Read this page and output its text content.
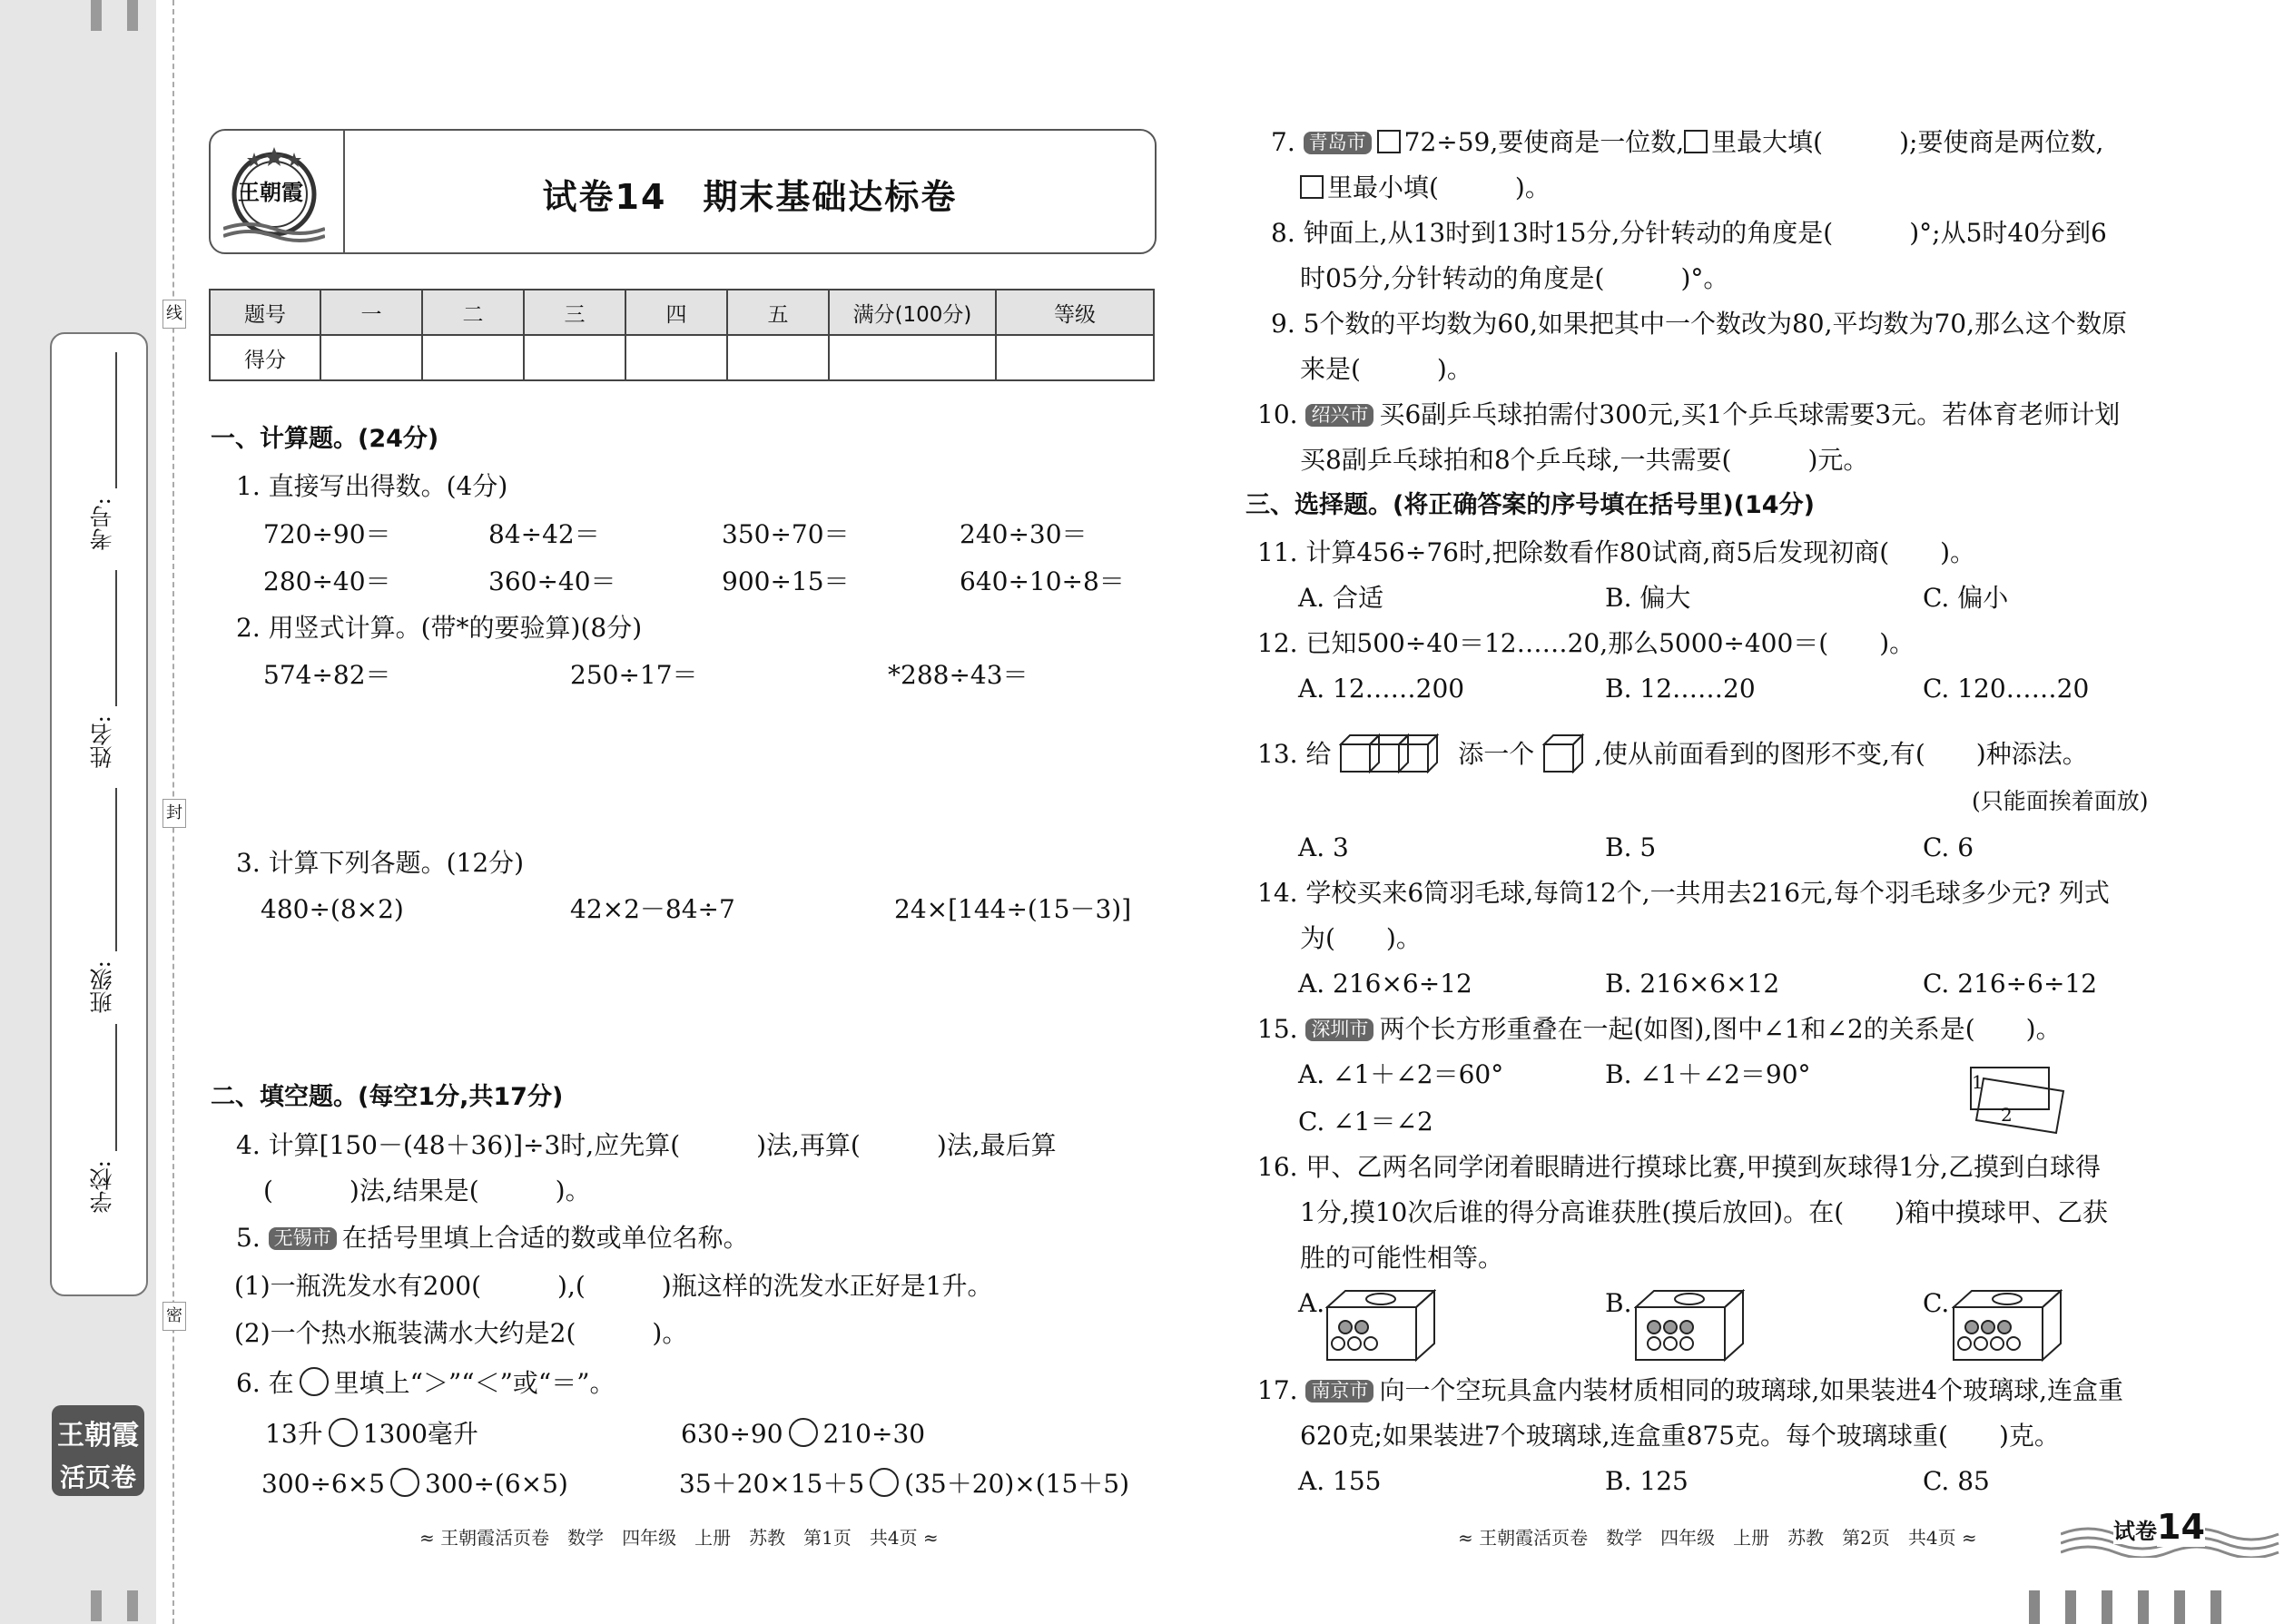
学校:
班级:
姓名:
考号:
王朝霞
活页卷
线
封
密
王朝霞	试卷14　期末基础达标卷
题号	一	二	三	四	五	满分(100分)	等级
得分							
一、计算题。(24分)
1. 直接写出得数。(4分)
720÷90＝	84÷42＝	350÷70＝	240÷30＝
280÷40＝	360÷40＝	900÷15＝	640÷10÷8＝
2. 用竖式计算。(带*的要验算)(8分)
574÷82＝	250÷17＝	*288÷43＝
3. 计算下列各题。(12分)
480÷(8×2)	42×2－84÷7	24×[144÷(15－3)]
二、填空题。(每空1分,共17分)
4. 计算[150－(48＋36)]÷3时,应先算(　　　)法,再算(　　　)法,最后算
(　　　)法,结果是(　　　)。
5. 无锡市 在括号里填上合适的数或单位名称。
(1)一瓶洗发水有200(　　　),(　　　)瓶这样的洗发水正好是1升。
(2)一个热水瓶装满水大约是2(　　　)。
6. 在 里填上“＞”“＜”或“＝”。
13升 1300毫升	630÷90 210÷30
300÷6×5 300÷(6×5)	35＋20×15＋5 (35＋20)×(15＋5)
≈ 王朝霞活页卷　数学　四年级　上册　苏教　第1页　共4页 ≈
7. 青岛市 72÷59,要使商是一位数, 里最大填(　　　);要使商是两位数,
里最小填(　　　)。
8. 钟面上,从13时到13时15分,分针转动的角度是(　　　)°;从5时40分到6
时05分,分针转动的角度是(　　　)°。
9. 5个数的平均数为60,如果把其中一个数改为80,平均数为70,那么这个数原
来是(　　　)。
10. 绍兴市 买6副乒乓球拍需付300元,买1个乒乓球需要3元。若体育老师计划
买8副乒乓球拍和8个乒乓球,一共需要(　　　)元。
三、选择题。(将正确答案的序号填在括号里)(14分)
11. 计算456÷76时,把除数看作80试商,商5后发现初商(　　)。
A. 合适	B. 偏大	C. 偏小
12. 已知500÷40＝12……20,那么5000÷400＝(　　)。
A. 12……200	B. 12……20	C. 120……20
13. 给	添一个 ,使从前面看到的图形不变,有(　　)种添法。
(只能面挨着面放)
A. 3	B. 5	C. 6
14. 学校买来6筒羽毛球,每筒12个,一共用去216元,每个羽毛球多少元? 列式
为(　　)。
A. 216×6÷12	B. 216×6×12	C. 216÷6÷12
15. 深圳市 两个长方形重叠在一起(如图),图中∠1和∠2的关系是(　　)。
A. ∠1＋∠2＝60°	B. ∠1＋∠2＝90°
C. ∠1＝∠2
1
2
16. 甲、乙两名同学闭着眼睛进行摸球比赛,甲摸到灰球得1分,乙摸到白球得
1分,摸10次后谁的得分高谁获胜(摸后放回)。在(　　)箱中摸球甲、乙获
胜的可能性相等。
A.	B.	C.
17. 南京市 向一个空玩具盒内装材质相同的玻璃球,如果装进4个玻璃球,连盒重
620克;如果装进7个玻璃球,连盒重875克。每个玻璃球重(　　)克。
A. 155	B. 125	C. 85
≈ 王朝霞活页卷　数学　四年级　上册　苏教　第2页　共4页 ≈	试卷14
